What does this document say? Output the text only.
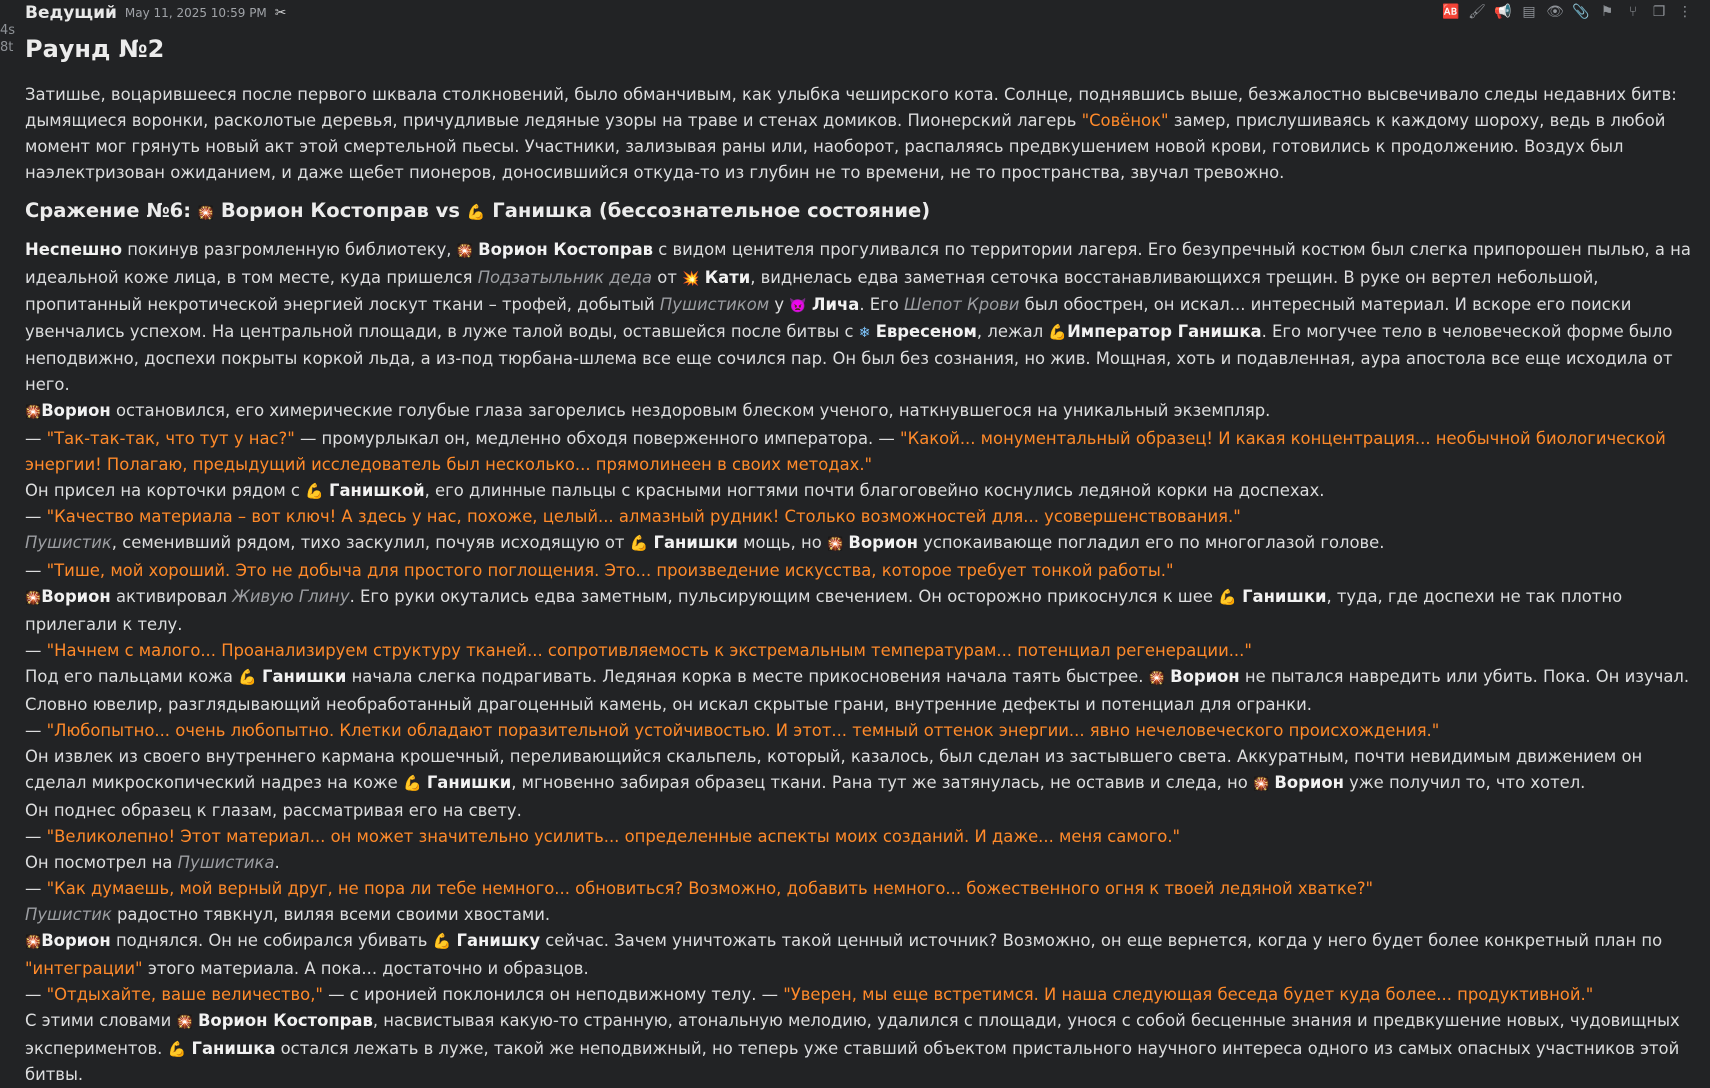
4s
8t
Ведущий May 11, 2025 10:59 PM ✂	🆎 🖌 📢 ▤ 👁 📎 ⚑	⑂	❐ ⋮
Раунд №2

Затишье, воцарившееся после первого шквала столкновений, было обманчивым, как улыбка чеширского кота. Солнце, поднявшись выше, безжалостно высвечивало следы недавних битв: дымящиеся воронки, расколотые деревья, причудливые ледяные узоры на траве и стенах домиков. Пионерский лагерь "Совёнок" замер, прислушиваясь к каждому шороху, ведь в любой момент мог грянуть новый акт этой смертельной пьесы. Участники, зализывая раны или, наоборот, распаляясь предвкушением новой крови, готовились к продолжению. Воздух был наэлектризован ожиданием, и даже щебет пионеров, доносившийся откуда-то из глубин не то времени, не то пространства, звучал тревожно.

Сражение №6: 🎇 Ворион Костоправ vs 💪 Ганишка (бессознательное состояние)

Неспешно покинув разгромленную библиотеку, 🎇 Ворион Костоправ с видом ценителя прогуливался по территории лагеря. Его безупречный костюм был слегка припорошен пылью, а на идеальной коже лица, в том месте, куда пришелся Подзатыльник деда от 💥 Кати, виднелась едва заметная сеточка восстанавливающихся трещин. В руке он вертел небольшой, пропитанный некротической энергией лоскут ткани – трофей, добытый Пушистиком у 👿 Лича. Его Шепот Крови был обострен, он искал... интересный материал. И вскоре его поиски увенчались успехом. На центральной площади, в луже талой воды, оставшейся после битвы с ❄ Евресеном, лежал 💪Император Ганишка. Его могучее тело в человеческой форме было неподвижно, доспехи покрыты коркой льда, а из-под тюрбана-шлема все еще сочился пар. Он был без сознания, но жив. Мощная, хоть и подавленная, аура апостола все еще исходила от него.

🎇Ворион остановился, его химерические голубые глаза загорелись нездоровым блеском ученого, наткнувшегося на уникальный экземпляр.

— "Так-так-так, что тут у нас?" — промурлыкал он, медленно обходя поверженного императора. — "Какой... монументальный образец! И какая концентрация... необычной биологической энергии! Полагаю, предыдущий исследователь был несколько... прямолинеен в своих методах."

Он присел на корточки рядом с 💪 Ганишкой, его длинные пальцы с красными ногтями почти благоговейно коснулись ледяной корки на доспехах.

— "Качество материала – вот ключ! А здесь у нас, похоже, целый... алмазный рудник! Столько возможностей для... усовершенствования."

Пушистик, семенивший рядом, тихо заскулил, почуяв исходящую от 💪 Ганишки мощь, но 🎇 Ворион успокаивающе погладил его по многоглазой голове.

— "Тише, мой хороший. Это не добыча для простого поглощения. Это... произведение искусства, которое требует тонкой работы."

🎇Ворион активировал Живую Глину. Его руки окутались едва заметным, пульсирующим свечением. Он осторожно прикоснулся к шее 💪 Ганишки, туда, где доспехи не так плотно прилегали к телу.

— "Начнем с малого... Проанализируем структуру тканей... сопротивляемость к экстремальным температурам... потенциал регенерации..."

Под его пальцами кожа 💪 Ганишки начала слегка подрагивать. Ледяная корка в месте прикосновения начала таять быстрее. 🎇 Ворион не пытался навредить или убить. Пока. Он изучал. Словно ювелир, разглядывающий необработанный драгоценный камень, он искал скрытые грани, внутренние дефекты и потенциал для огранки.

— "Любопытно... очень любопытно. Клетки обладают поразительной устойчивостью. И этот... темный оттенок энергии... явно нечеловеческого происхождения."

Он извлек из своего внутреннего кармана крошечный, переливающийся скальпель, который, казалось, был сделан из застывшего света. Аккуратным, почти невидимым движением он сделал микроскопический надрез на коже 💪 Ганишки, мгновенно забирая образец ткани. Рана тут же затянулась, не оставив и следа, но 🎇 Ворион уже получил то, что хотел.

Он поднес образец к глазам, рассматривая его на свету.

— "Великолепно! Этот материал... он может значительно усилить... определенные аспекты моих созданий. И даже... меня самого."

Он посмотрел на Пушистика.

— "Как думаешь, мой верный друг, не пора ли тебе немного... обновиться? Возможно, добавить немного... божественного огня к твоей ледяной хватке?"

Пушистик радостно тявкнул, виляя всеми своими хвостами.

🎇Ворион поднялся. Он не собирался убивать 💪 Ганишку сейчас. Зачем уничтожать такой ценный источник? Возможно, он еще вернется, когда у него будет более конкретный план по "интеграции" этого материала. А пока... достаточно и образцов.

— "Отдыхайте, ваше величество," — с иронией поклонился он неподвижному телу. — "Уверен, мы еще встретимся. И наша следующая беседа будет куда более... продуктивной."

С этими словами 🎇 Ворион Костоправ, насвистывая какую-то странную, атональную мелодию, удалился с площади, унося с собой бесценные знания и предвкушение новых, чудовищных экспериментов. 💪 Ганишка остался лежать в луже, такой же неподвижный, но теперь уже ставший объектом пристального научного интереса одного из самых опасных участников этой битвы.
